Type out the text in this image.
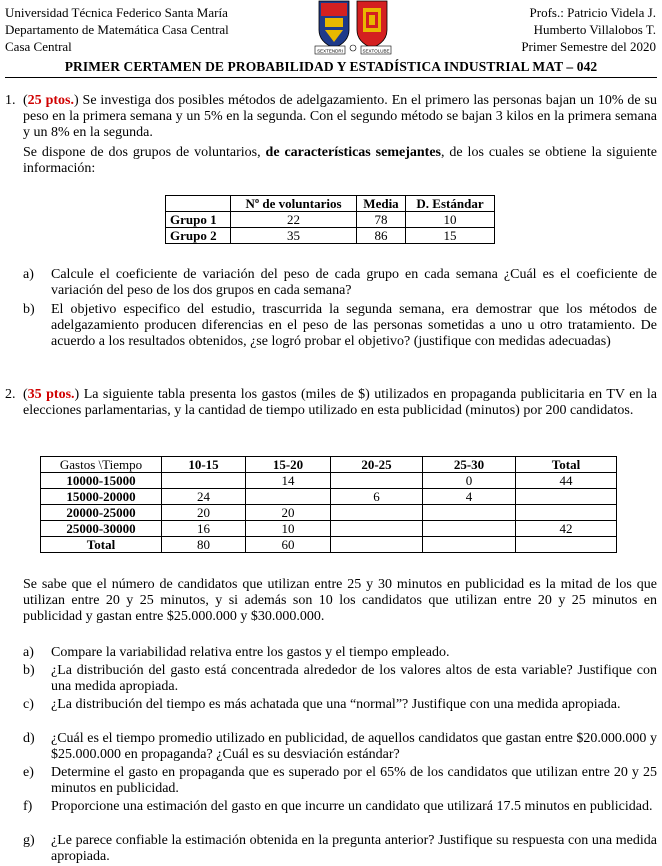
Universidad Técnica Federico Santa María
Departamento de Matemática Casa Central
Casa Central	SEXTENDRI	SEXTOLUBE
Profs.: Patricio Videla J.
Humberto Villalobos T.
Primer Semestre del 2020
PRIMER CERTAMEN DE PROBABILIDAD Y ESTADÍSTICA INDUSTRIAL MAT – 042
1. (25 ptos.) Se investiga dos posibles métodos de adelgazamiento. En el primero las personas bajan un 10% de su peso en la primera semana y un 5% en la segunda. Con el segundo método se bajan 3 kilos en la primera semana y un 8% en la segunda.
Se dispone de dos grupos de voluntarios, de características semejantes, de los cuales se obtiene la siguiente información:
	Nº de voluntarios	Media	D. Estándar
Grupo 1	22	78	10
Grupo 2	35	86	15
a) Calcule el coeficiente de variación del peso de cada grupo en cada semana ¿Cuál es el coeficiente de variación del peso de los dos grupos en cada semana?
b) El objetivo especifico del estudio, trascurrida la segunda semana, era demostrar que los métodos de adelgazamiento producen diferencias en el peso de las personas sometidas a uno u otro tratamiento. De acuerdo a los resultados obtenidos, ¿se logró probar el objetivo? (justifique con medidas adecuadas)
2. (35 ptos.) La siguiente tabla presenta los gastos (miles de $) utilizados en propaganda publicitaria en TV en la elecciones parlamentarias, y la cantidad de tiempo utilizado en esta publicidad (minutos) por 200 candidatos.
Gastos \Tiempo	10-15	15-20	20-25	25-30	Total
10000-15000		14		0	44
15000-20000	24		6	4	
20000-25000	20	20			
25000-30000	16	10			42
Total	80	60			
Se sabe que el número de candidatos que utilizan entre 25 y 30 minutos en publicidad es la mitad de los que utilizan entre 20 y 25 minutos, y si además son 10 los candidatos que utilizan entre 20 y 25 minutos en publicidad y gastan entre $25.000.000 y $30.000.000.
a) Compare la variabilidad relativa entre los gastos y el tiempo empleado.
b) ¿La distribución del gasto está concentrada alrededor de los valores altos de esta variable? Justifique con una medida apropiada.
c) ¿La distribución del tiempo es más achatada que una “normal”? Justifique con una medida apropiada.
d) ¿Cuál es el tiempo promedio utilizado en publicidad, de aquellos candidatos que gastan entre $20.000.000 y $25.000.000 en propaganda? ¿Cuál es su desviación estándar?
e) Determine el gasto en propaganda que es superado por el 65% de los candidatos que utilizan entre 20 y 25 minutos en publicidad.
f) Proporcione una estimación del gasto en que incurre un candidato que utilizará 17.5 minutos en publicidad.
g) ¿Le parece confiable la estimación obtenida en la pregunta anterior? Justifique su respuesta con una medida apropiada.
